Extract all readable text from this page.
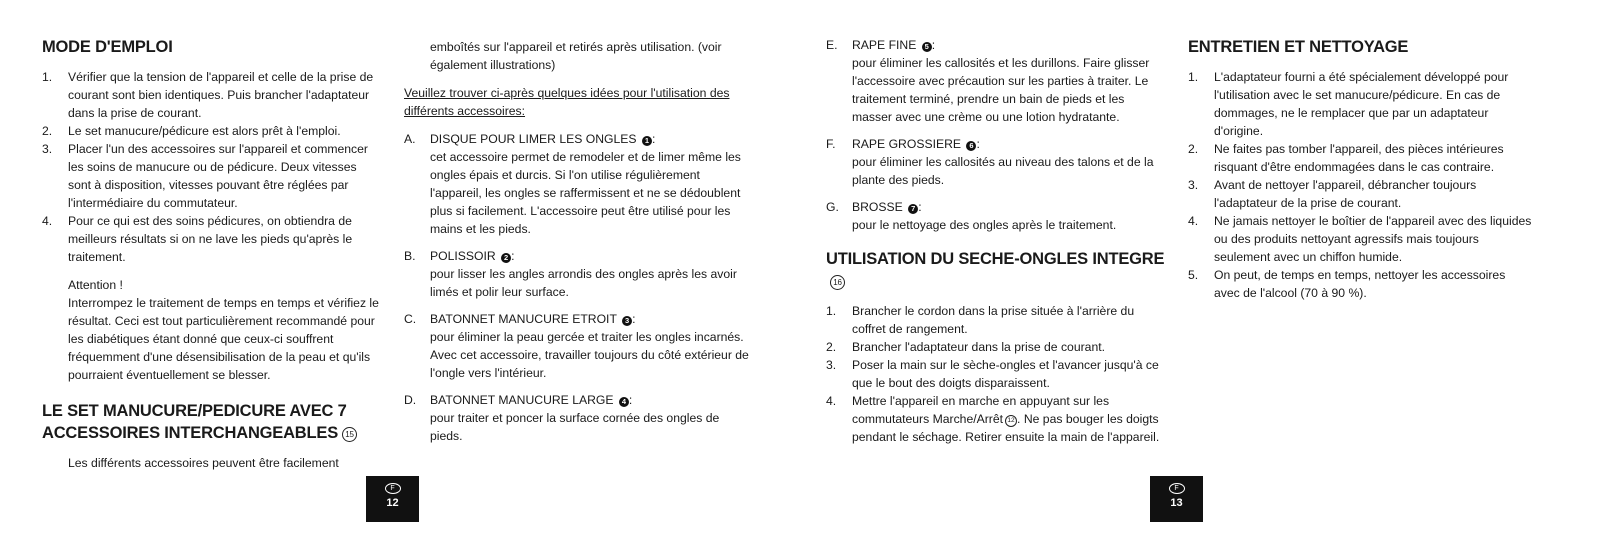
MODE D'EMPLOI
1. Vérifier que la tension de l'appareil et celle de la prise de courant sont bien identiques. Puis brancher l'adaptateur dans la prise de courant.
2. Le set manucure/pédicure est alors prêt à l'emploi.
3. Placer l'un des accessoires sur l'appareil et commencer les soins de manucure ou de pédicure. Deux vitesses sont à disposition, vitesses pouvant être réglées par l'intermédiaire du commutateur.
4. Pour ce qui est des soins pédicures, on obtiendra de meilleurs résultats si on ne lave les pieds qu'après le traitement.
Attention !
Interrompez le traitement de temps en temps et vérifiez le résultat. Ceci est tout particulièrement recommandé pour les diabétiques étant donné que ceux-ci souffrent fréquemment d'une désensibilisation de la peau et qu'ils pourraient éventuellement se blesser.
LE SET MANUCURE/PEDICURE AVEC 7 ACCESSOIRES INTERCHANGEABLES 15
Les différents accessoires peuvent être facilement
emboîtés sur l'appareil et retirés après utilisation. (voir également illustrations)
Veuillez trouver ci-après quelques idées pour l'utilisation des différents accessoires:
A. DISQUE POUR LIMER LES ONGLES 1 :
cet accessoire permet de remodeler et de limer même les ongles épais et durcis. Si l'on utilise régulièrement l'appareil, les ongles se raffermissent et ne se dédoublent plus si facilement. L'accessoire peut être utilisé pour les mains et les pieds.
B. POLISSOIR 2 :
pour lisser les angles arrondis des ongles après les avoir limés et polir leur surface.
C. BATONNET MANUCURE ETROIT 3 :
pour éliminer la peau gercée et traiter les ongles incarnés. Avec cet accessoire, travailler toujours du côté extérieur de l'ongle vers l'intérieur.
D. BATONNET MANUCURE LARGE 4 :
pour traiter et poncer la surface cornée des ongles de pieds.
F
12
E. RAPE FINE 5 :
pour éliminer les callosités et les durillons. Faire glisser l'accessoire avec précaution sur les parties à traiter. Le traitement terminé, prendre un bain de pieds et les masser avec une crème ou une lotion hydratante.
F. RAPE GROSSIERE 6 :
pour éliminer les callosités au niveau des talons et de la plante des pieds.
G. BROSSE 7 :
pour le nettoyage des ongles après le traitement.
UTILISATION DU SECHE-ONGLES INTEGRE16
1. Brancher le cordon dans la prise située à l'arrière du coffret de rangement.
2. Brancher l'adaptateur dans la prise de courant.
3. Poser la main sur le sèche-ongles et l'avancer jusqu'à ce que le bout des doigts disparaissent.
4. Mettre l'appareil en marche en appuyant sur les commutateurs Marche/Arrêt 12 . Ne pas bouger les doigts pendant le séchage. Retirer ensuite la main de l'appareil.
ENTRETIEN ET NETTOYAGE
1. L'adaptateur fourni a été spécialement développé pour l'utilisation avec le set manucure/pédicure. En cas de dommages, ne le remplacer que par un adaptateur d'origine.
2. Ne faites pas tomber l'appareil, des pièces intérieures risquant d'être endommagées dans le cas contraire.
3. Avant de nettoyer l'appareil, débrancher toujours l'adaptateur de la prise de courant.
4. Ne jamais nettoyer le boîtier de l'appareil avec des liquides ou des produits nettoyant agressifs mais toujours seulement avec un chiffon humide.
5. On peut, de temps en temps, nettoyer les accessoires avec de l'alcool (70 à 90 %).
F
13
